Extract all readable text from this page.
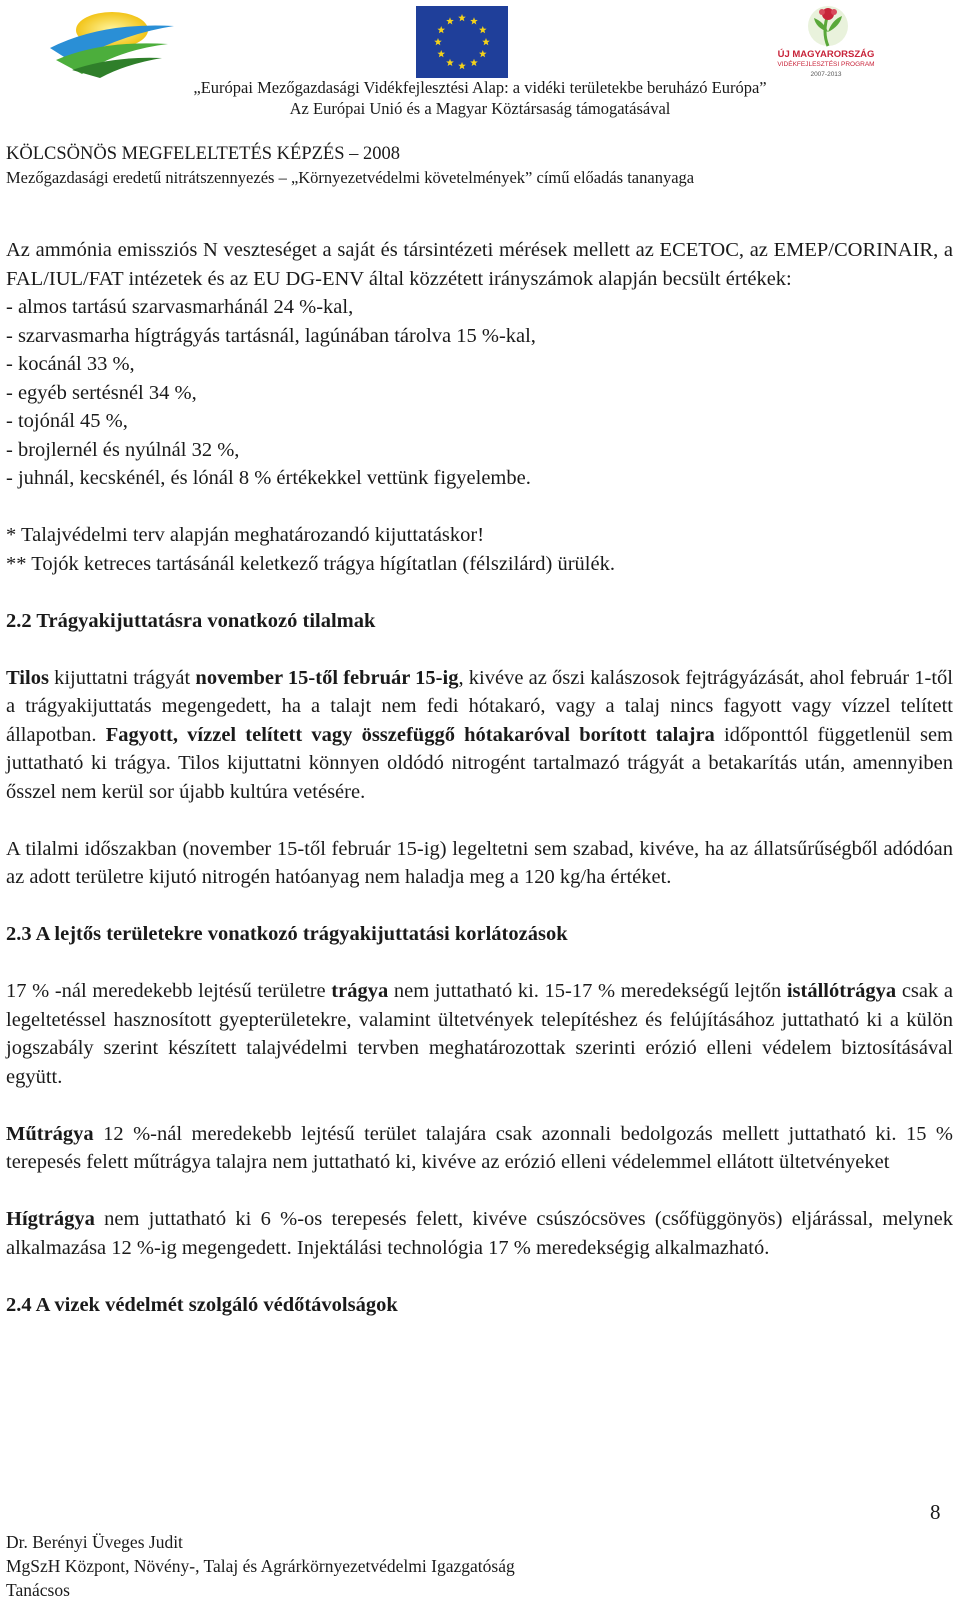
ÚJ MAGYARORSZÁG
VIDÉKFEJLESZTÉSI PROGRAM
2007-2013
„Európai Mezőgazdasági Vidékfejlesztési Alap: a vidéki területekbe beruházó Európa”
Az Európai Unió és a Magyar Köztársaság támogatásával
KÖLCSÖNÖS MEGFELELTETÉS KÉPZÉS – 2008
Mezőgazdasági eredetű nitrátszennyezés – „Környezetvédelmi követelmények” című előadás tananyaga

Az ammónia emissziós N veszteséget a saját és társintézeti mérések mellett az ECETOC, az EMEP/CORINAIR, a FAL/IUL/FAT intézetek és az EU DG-ENV által közzétett irányszámok alapján becsült értékek:

- almos tartású szarvasmarhánál 24 %-kal,

- szarvasmarha hígtrágyás tartásnál, lagúnában tárolva 15 %-kal,

- kocánál 33 %,

- egyéb sertésnél 34 %,

- tojónál 45 %,

- brojlernél és nyúlnál 32 %,

- juhnál, kecskénél, és lónál 8 % értékekkel vettünk figyelembe.

* Talajvédelmi terv alapján meghatározandó kijuttatáskor!

** Tojók ketreces tartásánál keletkező trágya hígítatlan (félszilárd) ürülék.

2.2 Trágyakijuttatásra vonatkozó tilalmak

Tilos kijuttatni trágyát november 15-től február 15-ig, kivéve az őszi kalászosok fejtrágyázását, ahol február 1-től a trágyakijuttatás megengedett, ha a talajt nem fedi hótakaró, vagy a talaj nincs fagyott vagy vízzel telített állapotban. Fagyott, vízzel telített vagy összefüggő hótakaróval borított talajra időponttól függetlenül sem juttatható ki trágya. Tilos kijuttatni könnyen oldódó nitrogént tartalmazó trágyát a betakarítás után, amennyiben ősszel nem kerül sor újabb kultúra vetésére.

A tilalmi időszakban (november 15-től február 15-ig) legeltetni sem szabad, kivéve, ha az állatsűrűségből adódóan az adott területre kijutó nitrogén hatóanyag nem haladja meg a 120 kg/ha értéket.

2.3 A lejtős területekre vonatkozó trágyakijuttatási korlátozások

17 % -nál meredekebb lejtésű területre trágya nem juttatható ki. 15-17 % meredekségű lejtőn istállótrágya csak a legeltetéssel hasznosított gyepterületekre, valamint ültetvények telepítéshez és felújításához juttatható ki a külön jogszabály szerint készített talajvédelmi tervben meghatározottak szerinti erózió elleni védelem biztosításával együtt.

Műtrágya 12 %-nál meredekebb lejtésű terület talajára csak azonnali bedolgozás mellett juttatható ki. 15 % terepesés felett műtrágya talajra nem juttatható ki, kivéve az erózió elleni védelemmel ellátott ültetvényeket

Hígtrágya nem juttatható ki 6 %-os terepesés felett, kivéve csúszócsöves (csőfüggönyös) eljárással, melynek alkalmazása 12 %-ig megengedett. Injektálási technológia 17 % meredekségig alkalmazható.

2.4 A vizek védelmét szolgáló védőtávolságok

8
Dr. Berényi Üveges Judit
MgSzH Központ, Növény-, Talaj és Agrárkörnyezetvédelmi Igazgatóság
Tanácsos
